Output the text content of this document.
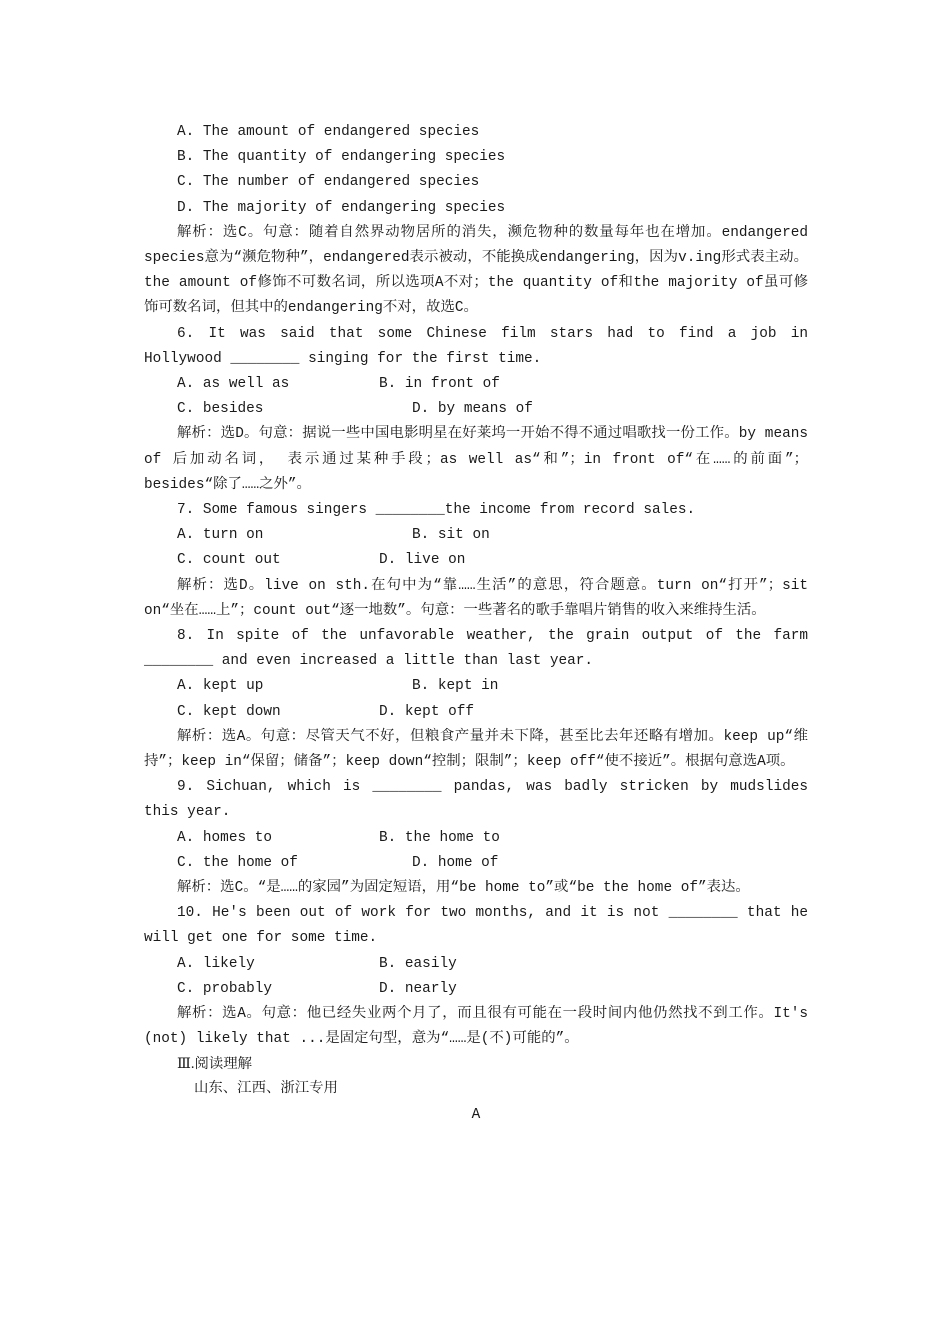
A. The amount of endangered species
B. The quantity of endangering species
C. The number of endangered species
D. The majority of endangering species
解析：选C。句意：随着自然界动物居所的消失，濒危物种的数量每年也在增加。endangered species意为“濒危物种”，endangered表示被动，不能换成endangering，因为v.ing形式表主动。the amount of修饰不可数名词，所以选项A不对；the quantity of和the majority of虽可修饰可数名词，但其中的endangering不对，故选C。
6. It was said that some Chinese film stars had to find a job in Hollywood ________ singing for the first time.
A. as well as	B. in front of
C. besides	D. by means of
解析：选D。句意：据说一些中国电影明星在好莱坞一开始不得不通过唱歌找一份工作。by means of 后加动名词， 表示通过某种手段；as well as“和”；in front of“在……的前面”；besides“除了……之外”。
7. Some famous singers ________the income from record sales.
A. turn on	B. sit on
C. count out	D. live on
解析：选D。live on sth.在句中为“靠……生活”的意思，符合题意。turn on“打开”；sit on“坐在……上”；count out“逐一地数”。句意：一些著名的歌手靠唱片销售的收入来维持生活。
8. In spite of the unfavorable weather, the grain output of the farm ________ and even increased a little than last year.
A. kept up	B. kept in
C. kept down	D. kept off
解析：选A。句意：尽管天气不好，但粮食产量并未下降，甚至比去年还略有增加。keep up“维持”；keep in“保留；储备”；keep down“控制；限制”；keep off“使不接近”。根据句意选A项。
9. Sichuan, which is ________ pandas, was badly stricken by mudslides this year.
A. homes to	B. the home to
C. the home of	D. home of
解析：选C。“是……的家园”为固定短语，用“be home to”或“be the home of”表达。
10. He's been out of work for two months, and it is not ________ that he will get one for some time.
A. likely	B. easily
C. probably	D. nearly
解析：选A。句意：他已经失业两个月了，而且很有可能在一段时间内他仍然找不到工作。It's (not) likely that ...是固定句型，意为“……是(不)可能的”。
Ⅲ.阅读理解
山东、江西、浙江专用
A
